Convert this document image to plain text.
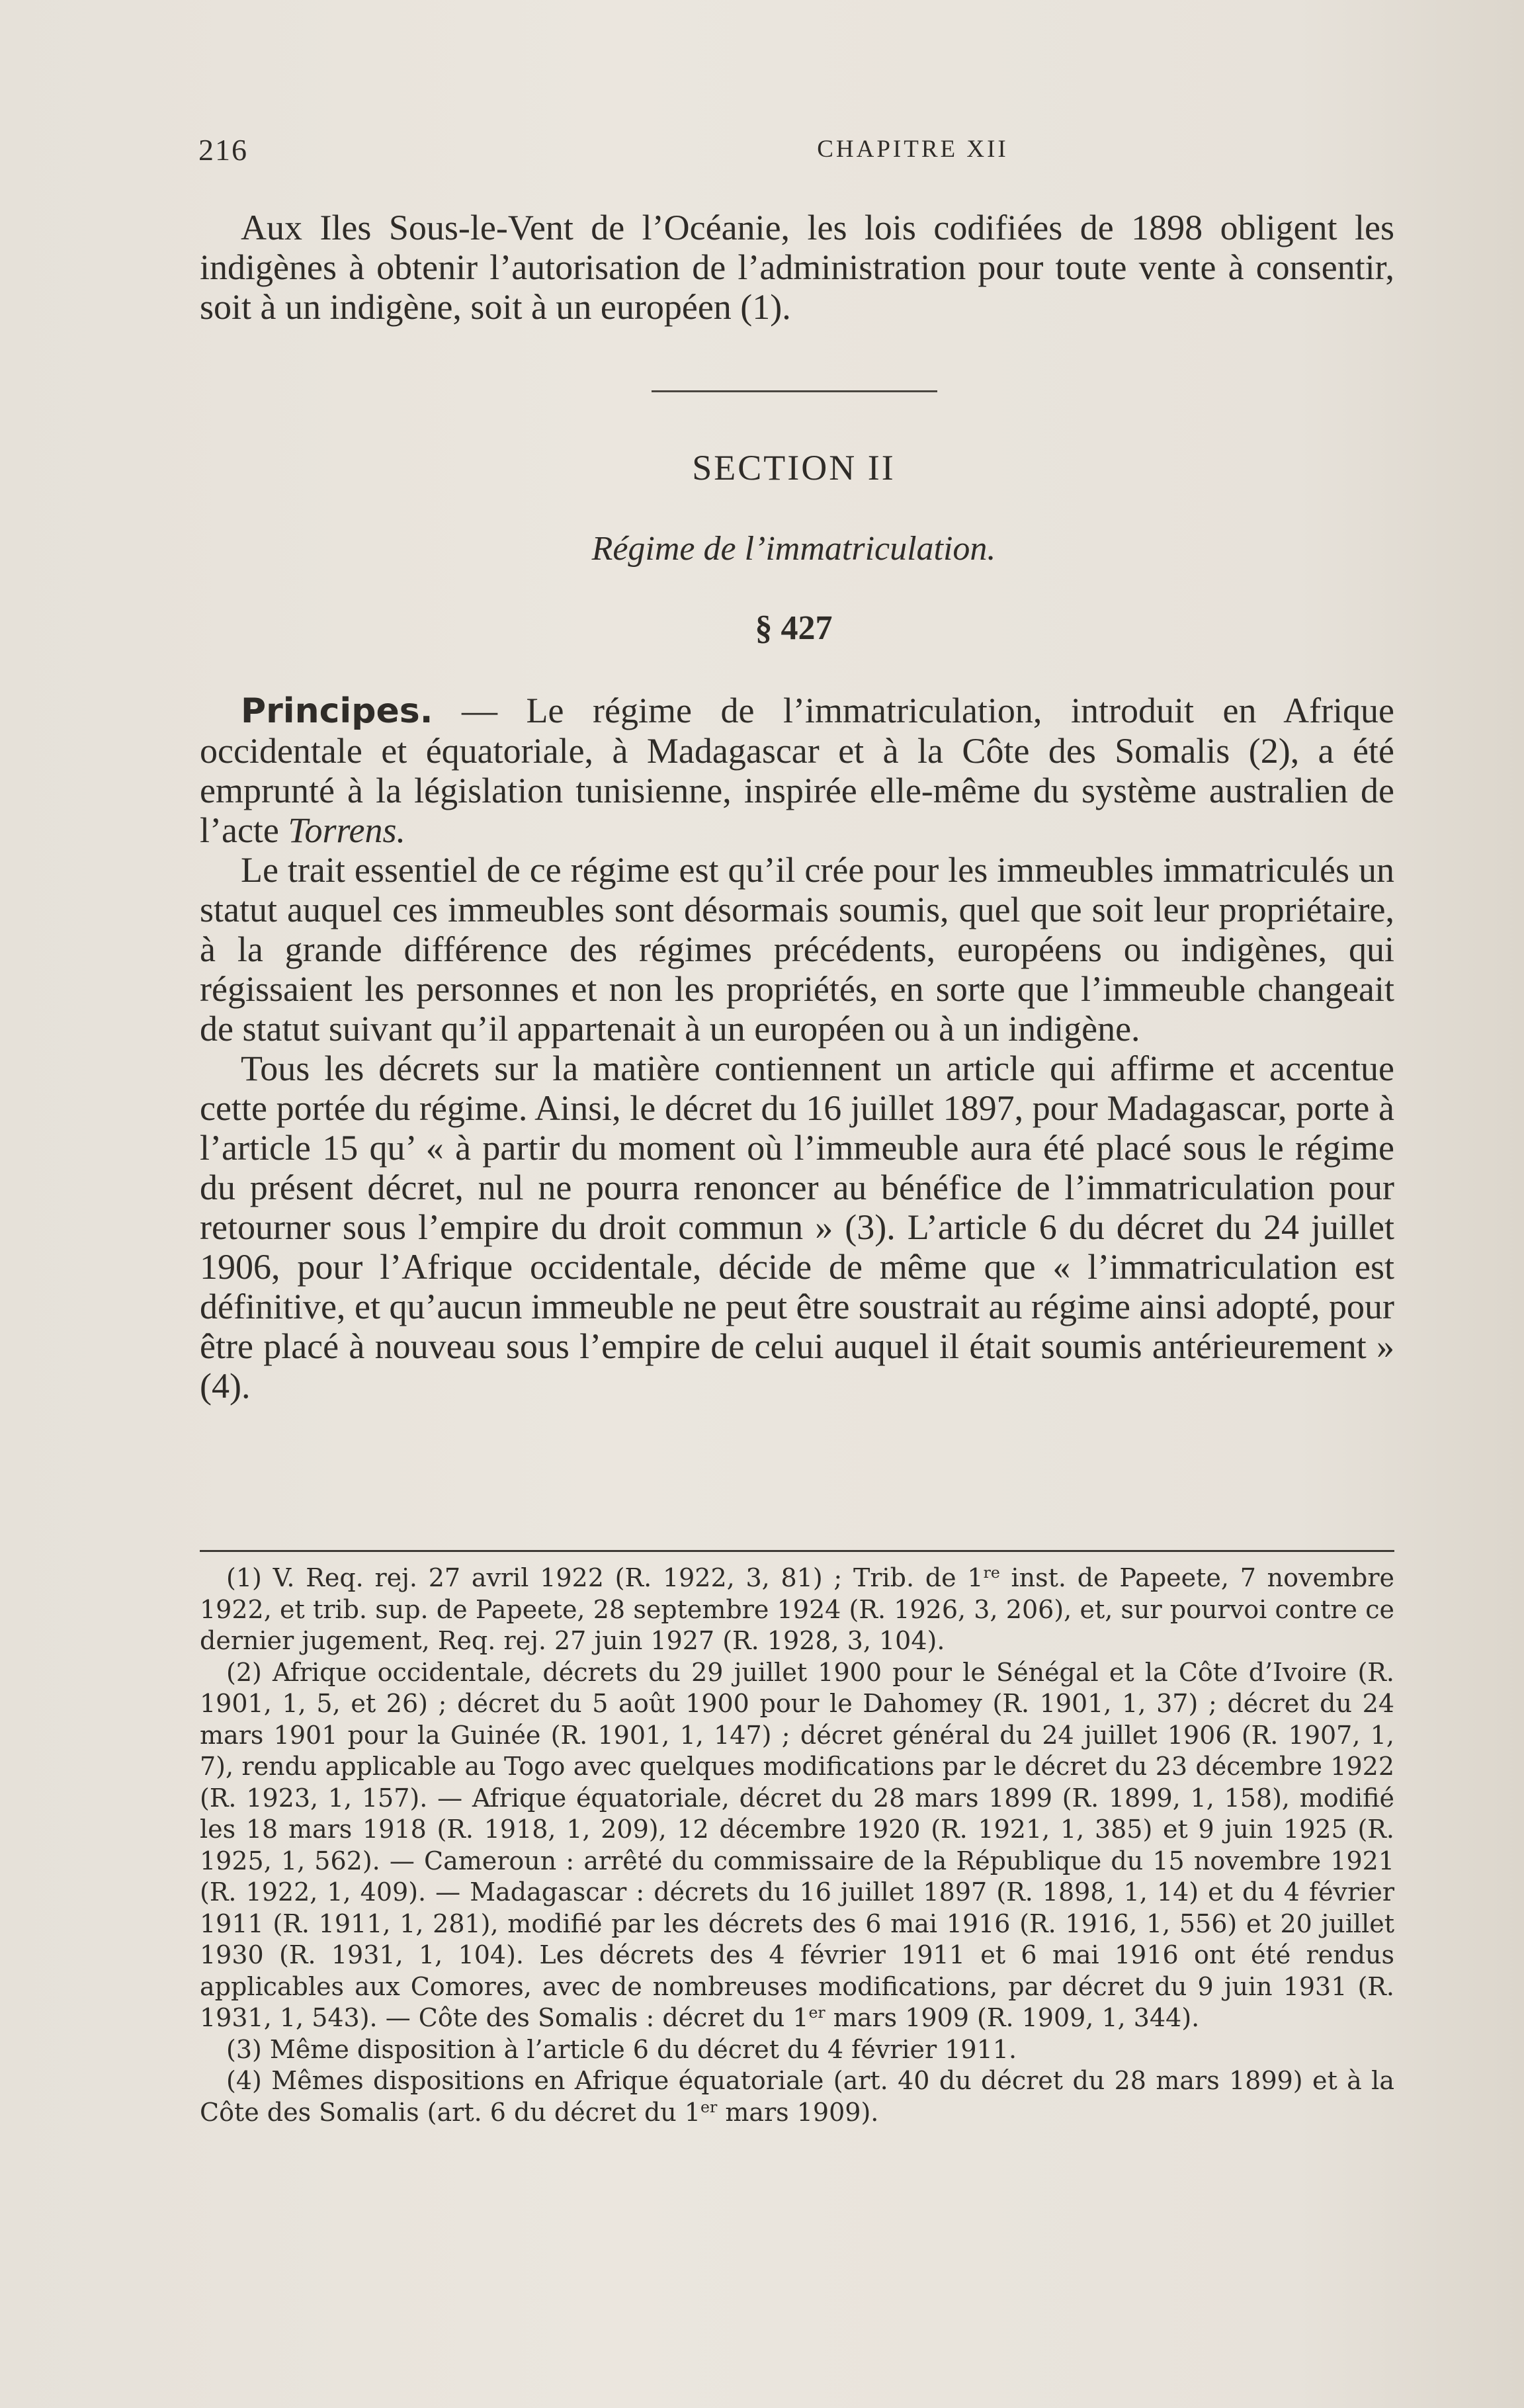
216	CHAPITRE XII

Aux Iles Sous-le-Vent de l’Océanie, les lois codifiées de 1898 obligent les indigènes à obtenir l’autorisation de l’administration pour toute vente à consentir, soit à un indigène, soit à un européen (1).

SECTION II
Régime de l’immatriculation.
§ 427

Principes. — Le régime de l’immatriculation, introduit en Afrique occidentale et équatoriale, à Madagascar et à la Côte des Somalis (2), a été emprunté à la législation tunisienne, inspirée elle-même du système australien de l’acte Torrens.

Le trait essentiel de ce régime est qu’il crée pour les immeubles immatriculés un statut auquel ces immeubles sont désormais soumis, quel que soit leur propriétaire, à la grande différence des régimes précédents, européens ou indigènes, qui régissaient les personnes et non les propriétés, en sorte que l’immeuble changeait de statut suivant qu’il appartenait à un européen ou à un indigène.

Tous les décrets sur la matière contiennent un article qui affirme et accentue cette portée du régime. Ainsi, le décret du 16 juillet 1897, pour Madagascar, porte à l’article 15 qu’ « à partir du moment où l’immeuble aura été placé sous le régime du présent décret, nul ne pourra renoncer au bénéfice de l’immatriculation pour retourner sous l’empire du droit commun » (3). L’article 6 du décret du 24 juillet 1906, pour l’Afrique occidentale, décide de même que « l’immatriculation est définitive, et qu’aucun immeuble ne peut être soustrait au régime ainsi adopté, pour être placé à nouveau sous l’empire de celui auquel il était soumis antérieurement » (4).

(1) V. Req. rej. 27 avril 1922 (R. 1922, 3, 81) ; Trib. de 1re inst. de Papeete, 7 novembre 1922, et trib. sup. de Papeete, 28 septembre 1924 (R. 1926, 3, 206), et, sur pourvoi contre ce dernier jugement, Req. rej. 27 juin 1927 (R. 1928, 3, 104).

(2) Afrique occidentale, décrets du 29 juillet 1900 pour le Sénégal et la Côte d’Ivoire (R. 1901, 1, 5, et 26) ; décret du 5 août 1900 pour le Dahomey (R. 1901, 1, 37) ; décret du 24 mars 1901 pour la Guinée (R. 1901, 1, 147) ; décret général du 24 juillet 1906 (R. 1907, 1, 7), rendu applicable au Togo avec quelques modifications par le décret du 23 décembre 1922 (R. 1923, 1, 157). — Afrique équatoriale, décret du 28 mars 1899 (R. 1899, 1, 158), modifié les 18 mars 1918 (R. 1918, 1, 209), 12 décembre 1920 (R. 1921, 1, 385) et 9 juin 1925 (R. 1925, 1, 562). — Cameroun : arrêté du commissaire de la République du 15 novembre 1921 (R. 1922, 1, 409). — Madagascar : décrets du 16 juillet 1897 (R. 1898, 1, 14) et du 4 février 1911 (R. 1911, 1, 281), modifié par les décrets des 6 mai 1916 (R. 1916, 1, 556) et 20 juillet 1930 (R. 1931, 1, 104). Les décrets des 4 février 1911 et 6 mai 1916 ont été rendus applicables aux Comores, avec de nombreuses modifications, par décret du 9 juin 1931 (R. 1931, 1, 543). — Côte des Somalis : décret du 1er mars 1909 (R. 1909, 1, 344).

(3) Même disposition à l’article 6 du décret du 4 février 1911.

(4) Mêmes dispositions en Afrique équatoriale (art. 40 du décret du 28 mars 1899) et à la Côte des Somalis (art. 6 du décret du 1er mars 1909).
